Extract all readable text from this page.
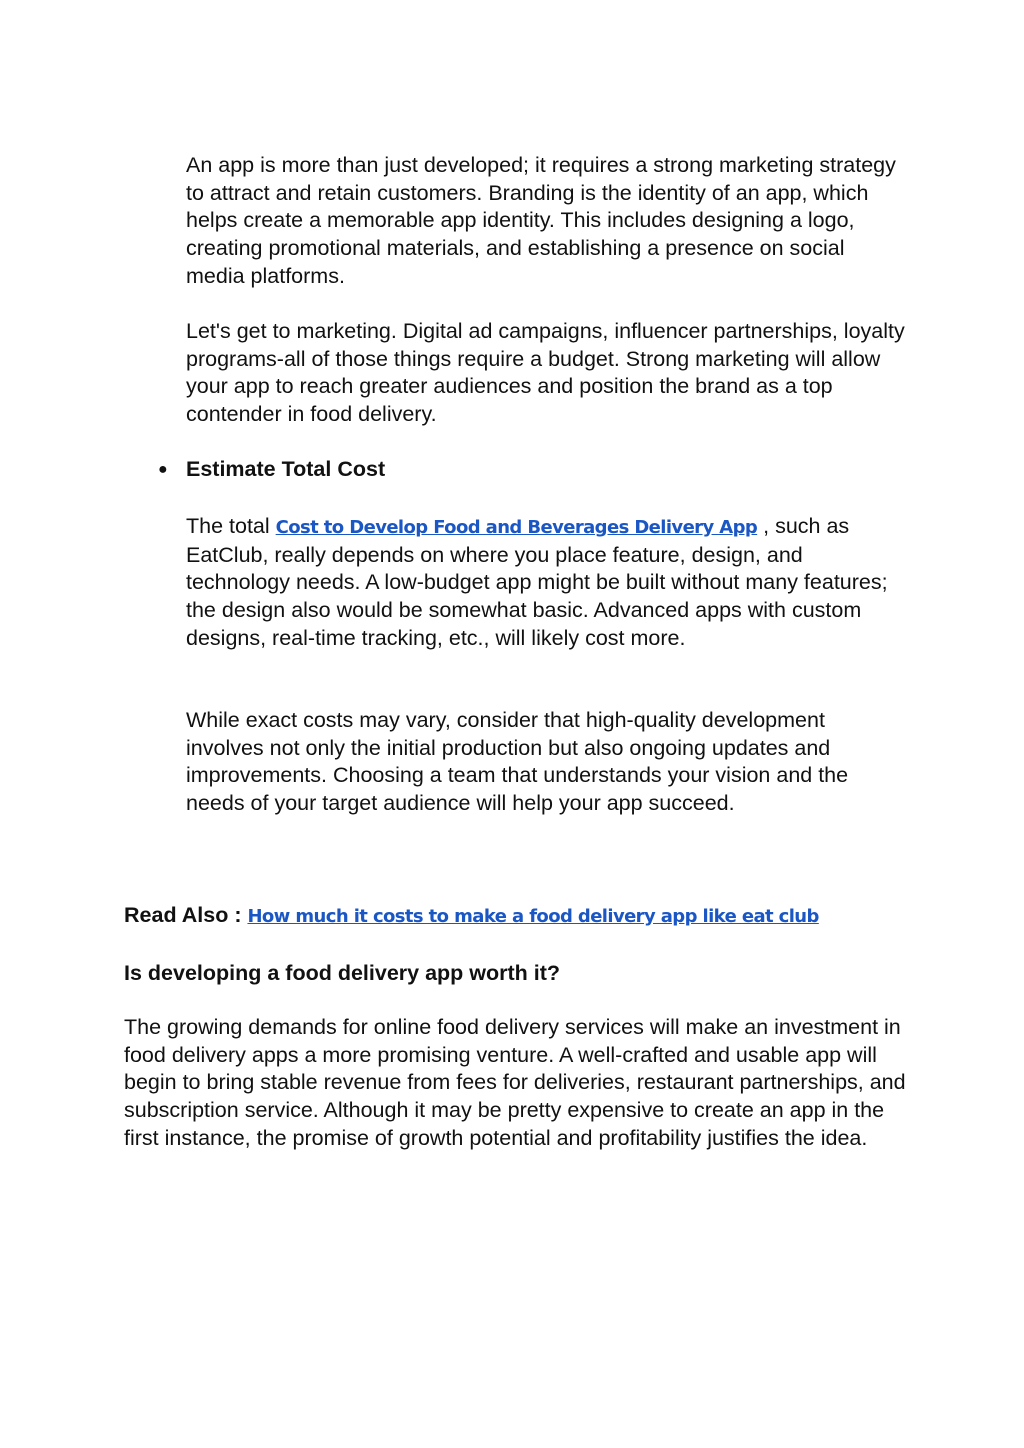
An app is more than just developed; it requires a strong marketing strategy to attract and retain customers. Branding is the identity of an app, which helps create a memorable app identity. This includes designing a logo, creating promotional materials, and establishing a presence on social media platforms.

Let's get to marketing. Digital ad campaigns, influencer partnerships, loyalty programs-all of those things require a budget. Strong marketing will allow your app to reach greater audiences and position the brand as a top contender in food delivery.

● Estimate Total Cost

The total Cost to Develop Food and Beverages Delivery App , such as EatClub, really depends on where you place feature, design, and technology needs. A low-budget app might be built without many features; the design also would be somewhat basic. Advanced apps with custom designs, real-time tracking, etc., will likely cost more.

While exact costs may vary, consider that high-quality development involves not only the initial production but also ongoing updates and improvements. Choosing a team that understands your vision and the needs of your target audience will help your app succeed.

Read Also : How much it costs to make a food delivery app like eat club

Is developing a food delivery app worth it?

The growing demands for online food delivery services will make an investment in food delivery apps a more promising venture. A well-crafted and usable app will begin to bring stable revenue from fees for deliveries, restaurant partnerships, and subscription service. Although it may be pretty expensive to create an app in the first instance, the promise of growth potential and profitability justifies the idea.
